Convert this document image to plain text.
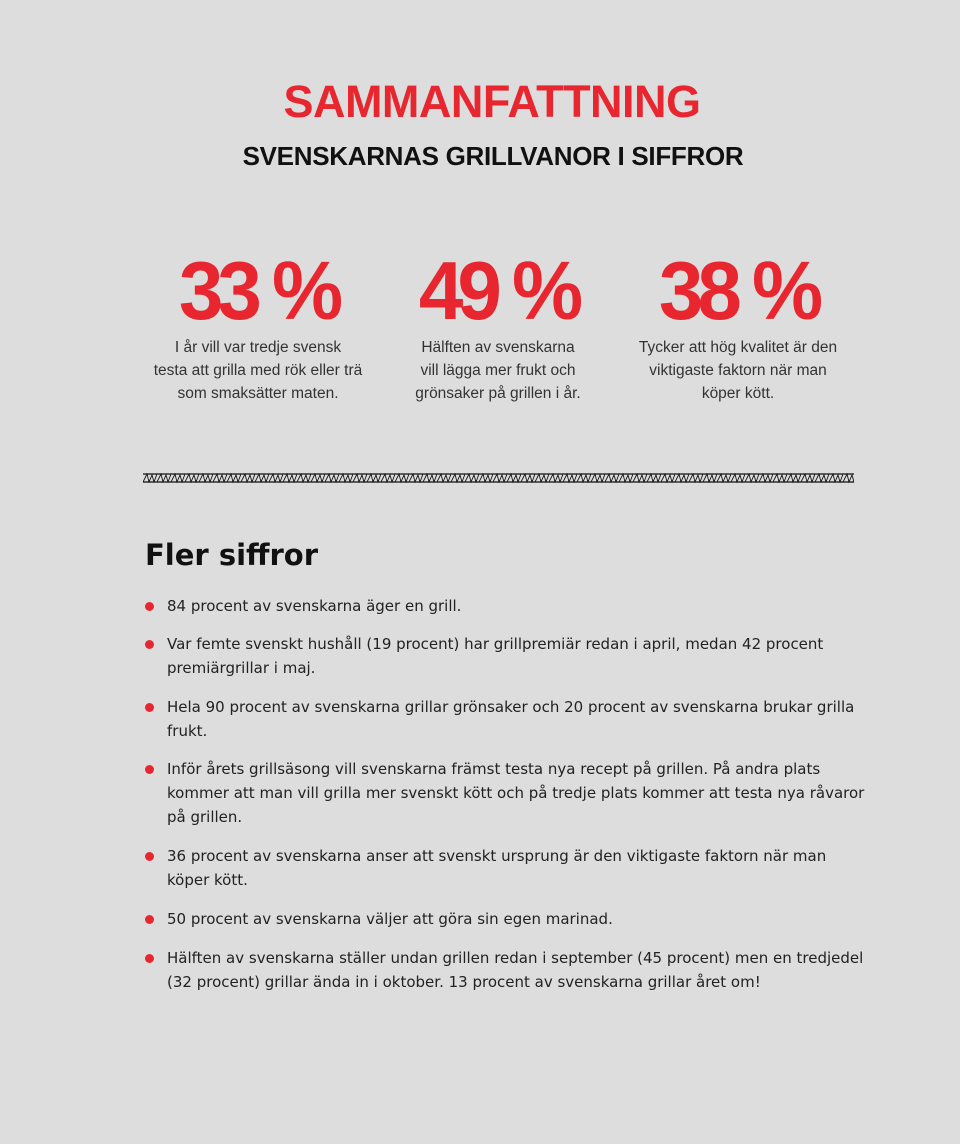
SAMMANFATTNING
SVENSKARNAS GRILLVANOR I SIFFROR
33 %
I år vill var tredje svensk
testa att grilla med rök eller trä
som smaksätter maten.
49 %
Hälften av svenskarna
vill lägga mer frukt och
grönsaker på grillen i år.
38 %
Tycker att hög kvalitet är den
viktigaste faktorn när man
köper kött.
Fler siffror
84 procent av svenskarna äger en grill.
Var femte svenskt hushåll (19 procent) har grillpremiär redan i april, medan 42 procent
premiärgrillar i maj.
Hela 90 procent av svenskarna grillar grönsaker och 20 procent av svenskarna brukar grilla frukt.
Inför årets grillsäsong vill svenskarna främst testa nya recept på grillen. På andra plats
kommer att man vill grilla mer svenskt kött och på tredje plats kommer att testa nya råvaror
på grillen.
36 procent av svenskarna anser att svenskt ursprung är den viktigaste faktorn när man köper kött.
50 procent av svenskarna väljer att göra sin egen marinad.
Hälften av svenskarna ställer undan grillen redan i september (45 procent) men en tredjedel
(32 procent) grillar ända in i oktober. 13 procent av svenskarna grillar året om!
